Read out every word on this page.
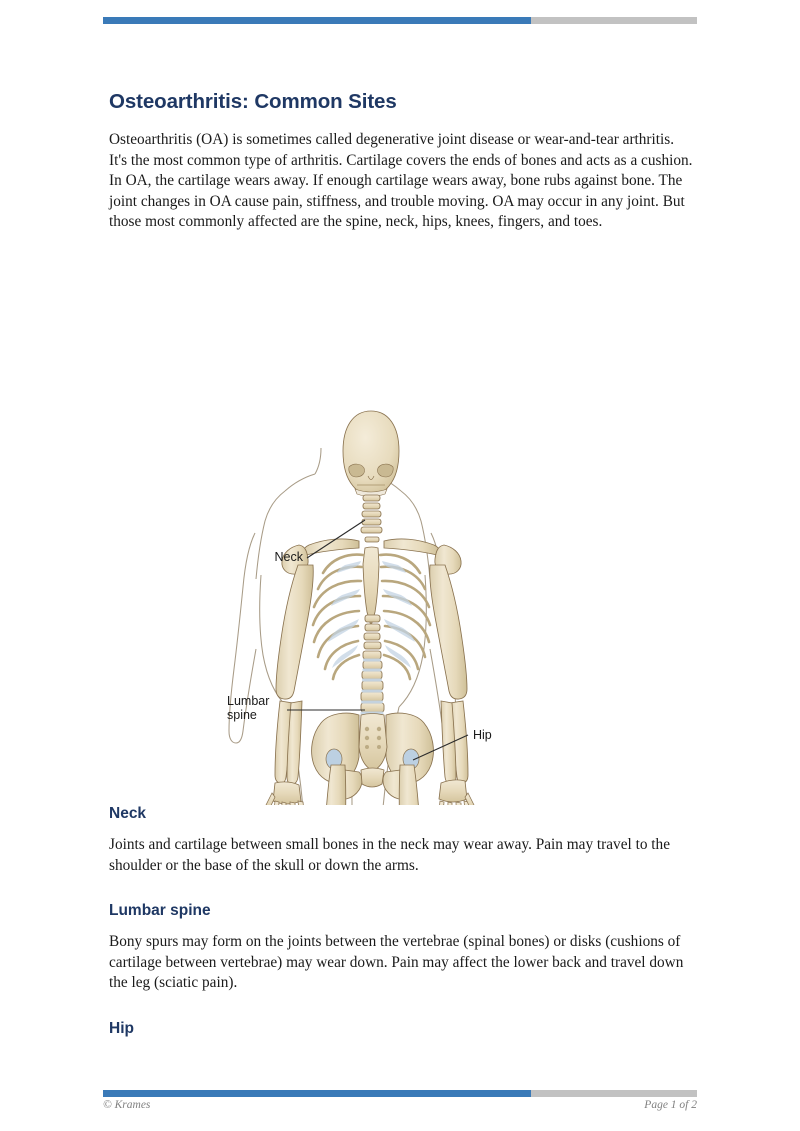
Osteoarthritis: Common Sites

Osteoarthritis (OA) is sometimes called degenerative joint disease or wear-and-tear arthritis. It's the most common type of arthritis. Cartilage covers the ends of bones and acts as a cushion. In OA, the cartilage wears away. If enough cartilage wears away, bone rubs against bone. The joint changes in OA cause pain, stiffness, and trouble moving. OA may occur in any joint. But those most commonly affected are the spine, neck, hips, knees, fingers, and toes.

Neck
Lumbar
spine
Hip
Neck

Joints and cartilage between small bones in the neck may wear away. Pain may travel to the shoulder or the base of the skull or down the arms.

Lumbar spine

Bony spurs may form on the joints between the vertebrae (spinal bones) or disks (cushions of cartilage between vertebrae) may wear down. Pain may affect the lower back and travel down the leg (sciatic pain).

Hip
© Krames	Page 1 of 2
